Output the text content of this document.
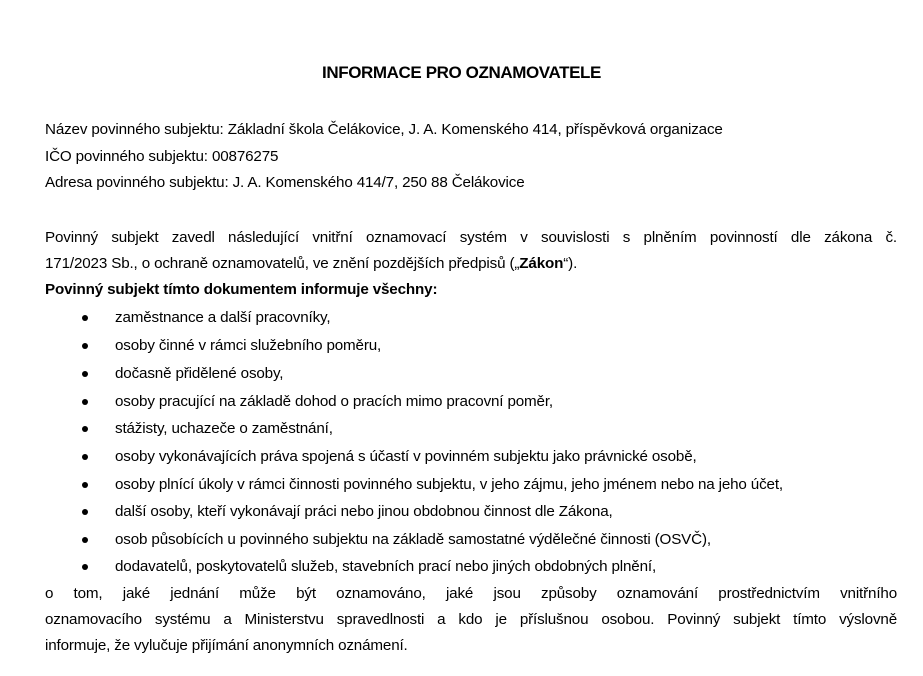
INFORMACE PRO OZNAMOVATELE
Název povinného subjektu: Základní škola Čelákovice, J. A. Komenského 414, příspěvková organizace
IČO povinného subjektu: 00876275
Adresa povinného subjektu: J. A. Komenského 414/7, 250 88 Čelákovice
Povinný subjekt zavedl následující vnitřní oznamovací systém v souvislosti s plněním povinností dle zákona č.
171/2023 Sb., o ochraně oznamovatelů, ve znění pozdějších předpisů („Zákon“).
Povinný subjekt tímto dokumentem informuje všechny:
zaměstnance a další pracovníky,
osoby činné v rámci služebního poměru,
dočasně přidělené osoby,
osoby pracující na základě dohod o pracích mimo pracovní poměr,
stážisty, uchazeče o zaměstnání,
osoby vykonávajících práva spojená s účastí v povinném subjektu jako právnické osobě,
osoby plnící úkoly v rámci činnosti povinného subjektu, v jeho zájmu, jeho jménem nebo na jeho účet,
další osoby, kteří vykonávají práci nebo jinou obdobnou činnost dle Zákona,
osob působících u povinného subjektu na základě samostatné výdělečné činnosti (OSVČ),
dodavatelů, poskytovatelů služeb, stavebních prací nebo jiných obdobných plnění,
o tom, jaké jednání může být oznamováno, jaké jsou způsoby oznamování prostřednictvím vnitřního
oznamovacího systému a Ministerstvu spravedlnosti a kdo je příslušnou osobou. Povinný subjekt tímto výslovně
informuje, že vylučuje přijímání anonymních oznámení.
